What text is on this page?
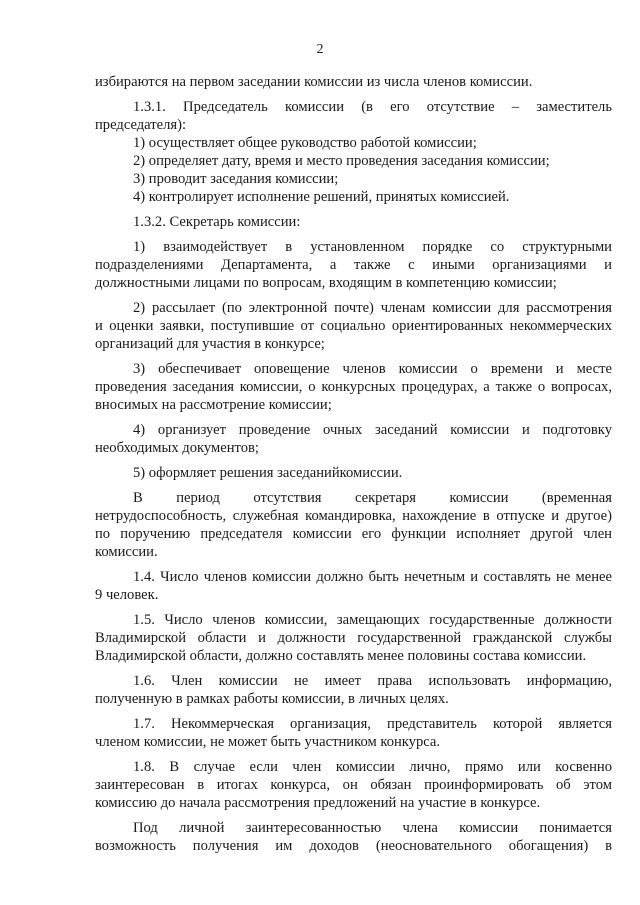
2
избираются на первом заседании комиссии из числа членов комиссии.
1.3.1. Председатель комиссии (в его отсутствие – заместитель
председателя):
1) осуществляет общее руководство работой комиссии;
2) определяет дату, время и место проведения заседания комиссии;
3) проводит заседания комиссии;
4) контролирует исполнение решений, принятых комиссией.
1.3.2. Секретарь комиссии:
1) взаимодействует в установленном порядке со структурными
подразделениями Департамента, а также с иными организациями и
должностными лицами по вопросам, входящим в компетенцию комиссии;
2) рассылает (по электронной почте) членам комиссии для рассмотрения
и оценки заявки, поступившие от социально ориентированных некоммерческих
организаций для участия в конкурсе;
3) обеспечивает оповещение членов комиссии о времени и месте
проведения заседания комиссии, о конкурсных процедурах, а также о вопросах,
вносимых на рассмотрение комиссии;
4) организует проведение очных заседаний комиссии и подготовку
необходимых документов;
5) оформляет решения заседанийкомиссии.
В период отсутствия секретаря комиссии (временная
нетрудоспособность, служебная командировка, нахождение в отпуске и другое)
по поручению председателя комиссии его функции исполняет другой член
комиссии.
1.4. Число членов комиссии должно быть нечетным и составлять не менее
9 человек.
1.5. Число членов комиссии, замещающих государственные должности
Владимирской области и должности государственной гражданской службы
Владимирской области, должно составлять менее половины состава комиссии.
1.6. Член комиссии не имеет права использовать информацию,
полученную в рамках работы комиссии, в личных целях.
1.7. Некоммерческая организация, представитель которой является
членом комиссии, не может быть участником конкурса.
1.8. В случае если член комиссии лично, прямо или косвенно
заинтересован в итогах конкурса, он обязан проинформировать об этом
комиссию до начала рассмотрения предложений на участие в конкурсе.
Под личной заинтересованностью члена комиссии понимается
возможность получения им доходов (неосновательного обогащения) в
